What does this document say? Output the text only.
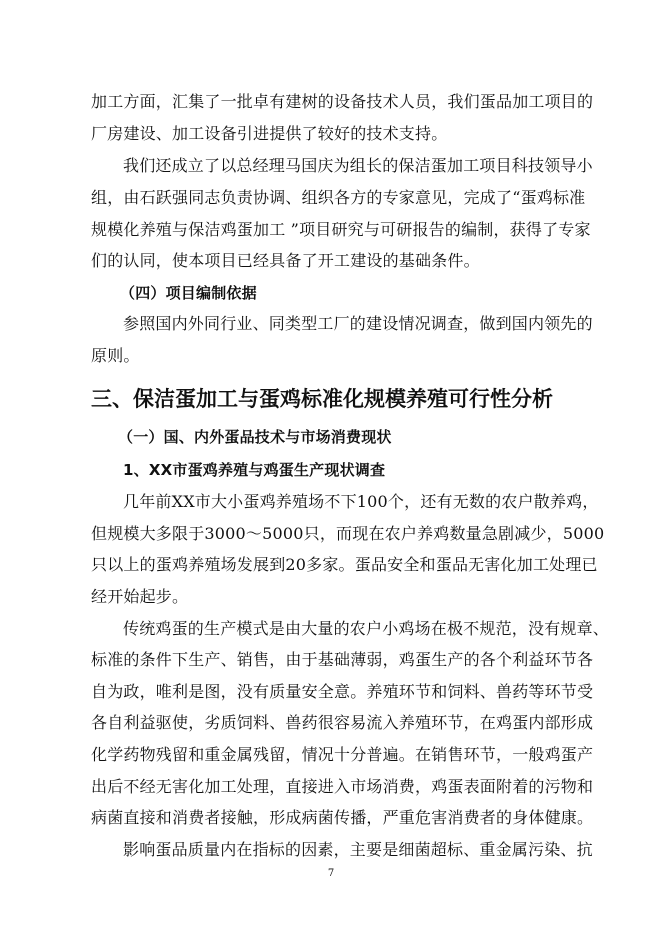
加工方面，汇集了一批卓有建树的设备技术人员，我们蛋品加工项目的
厂房建设、加工设备引进提供了较好的技术支持。
我们还成立了以总经理马国庆为组长的保洁蛋加工项目科技领导小
组，由石跃强同志负责协调、组织各方的专家意见，完成了“蛋鸡标准
规模化养殖与保洁鸡蛋加工 ”项目研究与可研报告的编制，获得了专家
们的认同，使本项目已经具备了开工建设的基础条件。
（四）项目编制依据
参照国内外同行业、同类型工厂的建设情况调查，做到国内领先的
原则。
三、保洁蛋加工与蛋鸡标准化规模养殖可行性分析
（一）国、内外蛋品技术与市场消费现状
1、XX市蛋鸡养殖与鸡蛋生产现状调查
几年前XX市大小蛋鸡养殖场不下100个，还有无数的农户散养鸡，
但规模大多限于3000～5000只，而现在农户养鸡数量急剧减少，5000
只以上的蛋鸡养殖场发展到20多家。蛋品安全和蛋品无害化加工处理已
经开始起步。
传统鸡蛋的生产模式是由大量的农户小鸡场在极不规范，没有规章、
标准的条件下生产、销售，由于基础薄弱，鸡蛋生产的各个利益环节各
自为政，唯利是图，没有质量安全意。养殖环节和饲料、兽药等环节受
各自利益驱使，劣质饲料、兽药很容易流入养殖环节，在鸡蛋内部形成
化学药物残留和重金属残留，情况十分普遍。在销售环节，一般鸡蛋产
出后不经无害化加工处理，直接进入市场消费，鸡蛋表面附着的污物和
病菌直接和消费者接触，形成病菌传播，严重危害消费者的身体健康。
影响蛋品质量内在指标的因素，主要是细菌超标、重金属污染、抗
7
